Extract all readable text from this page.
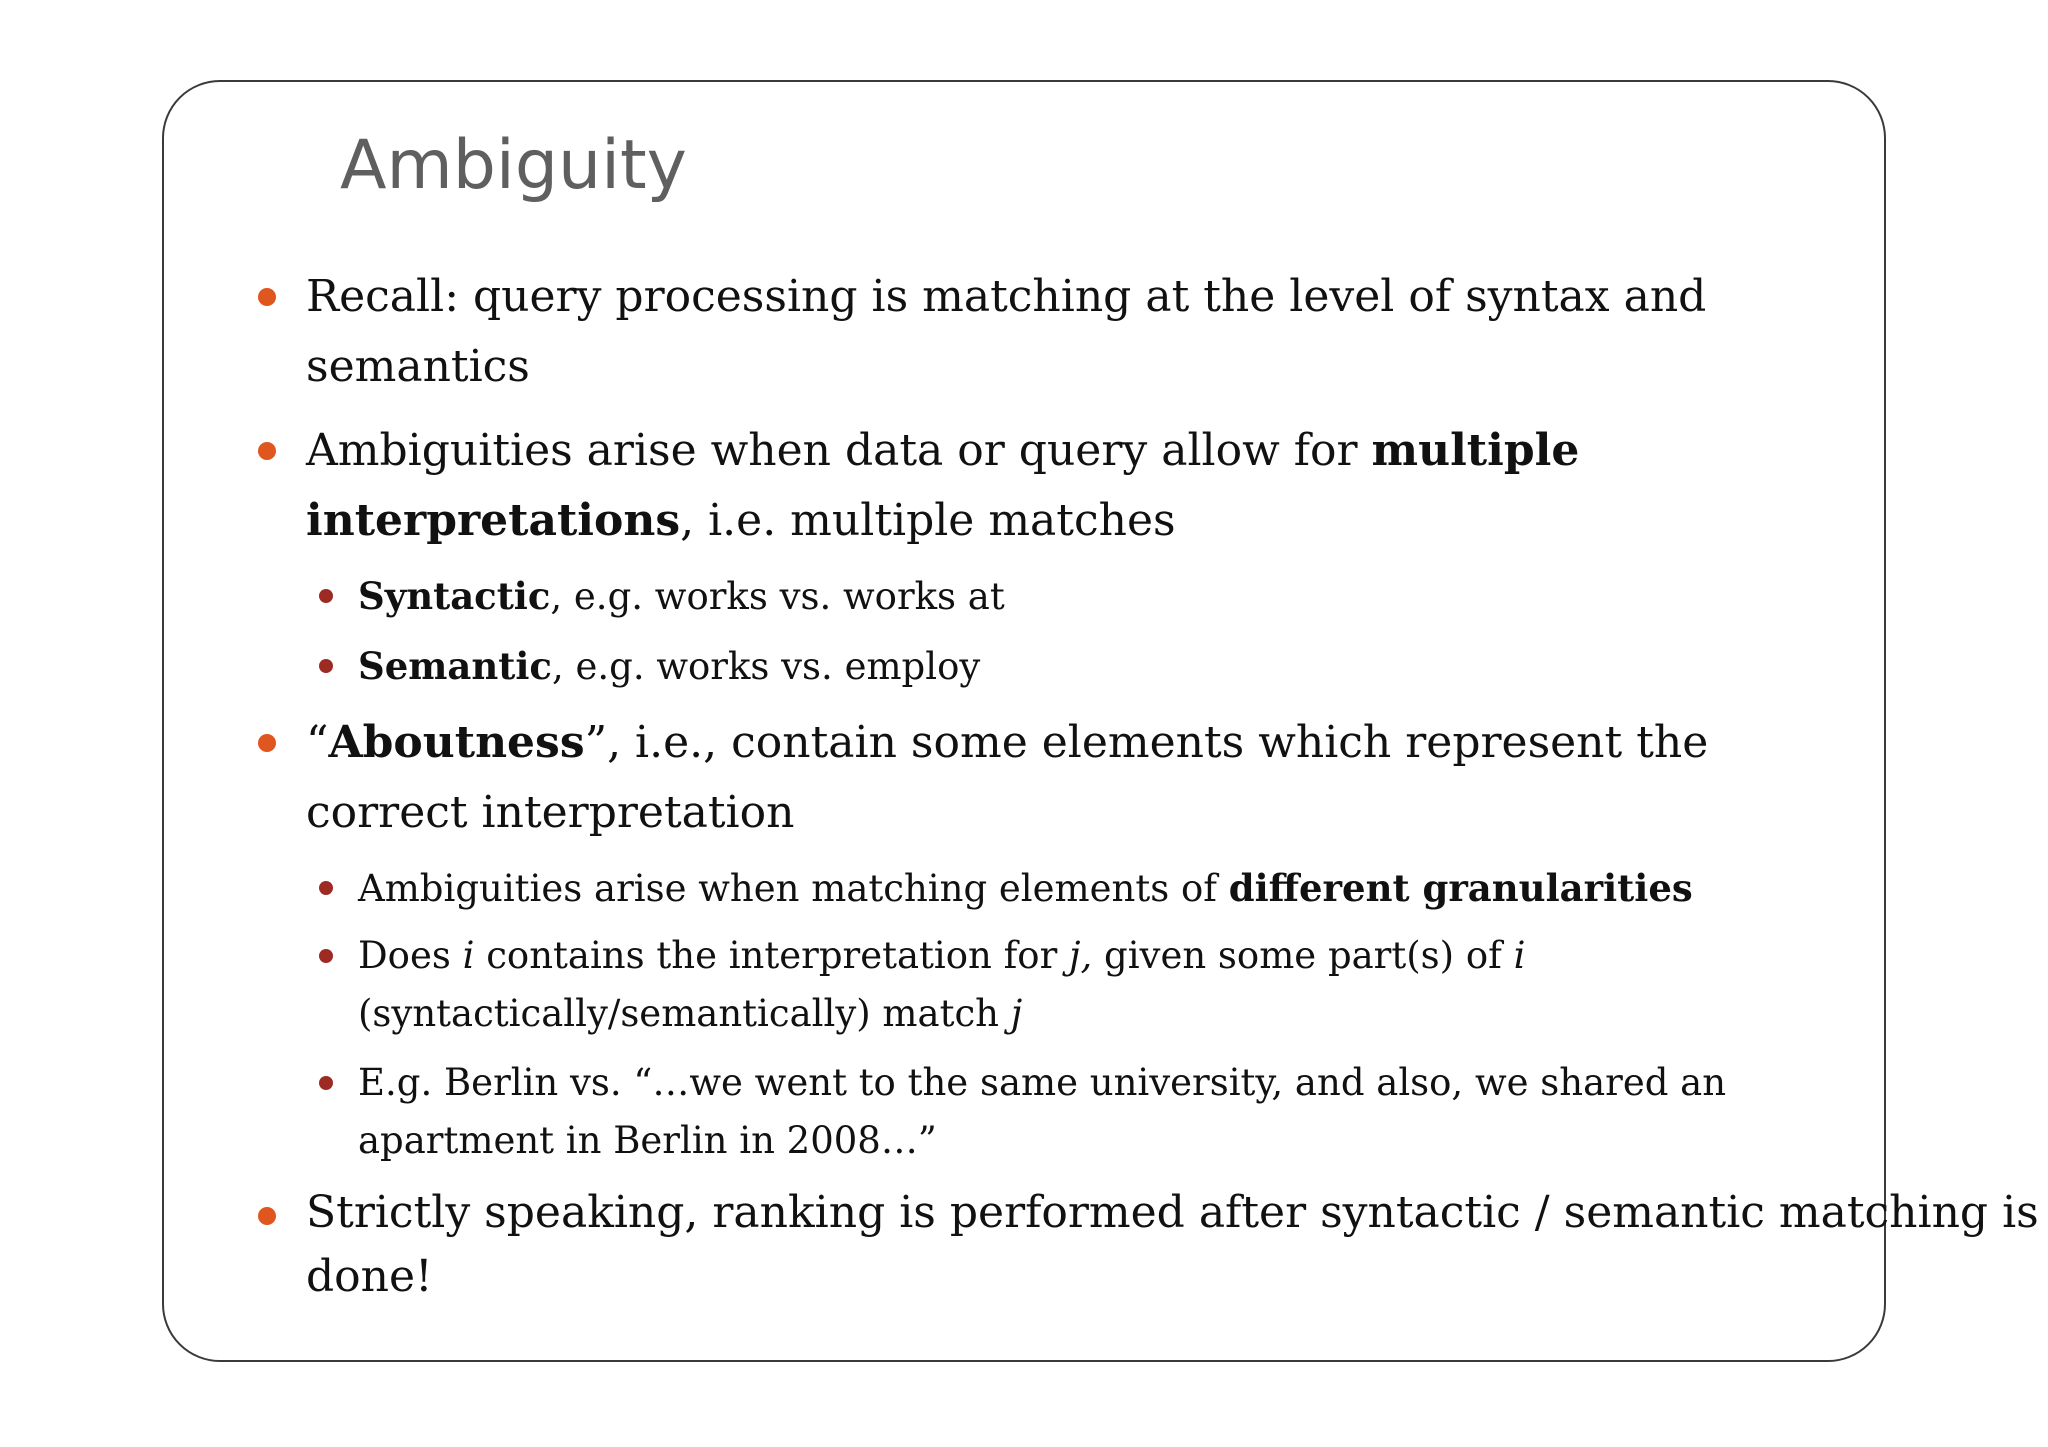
Ambiguity

Recall: query processing is matching at the level of syntax and
semantics

Ambiguities arise when data or query allow for multiple
interpretations, i.e. multiple matches

Syntactic, e.g. works vs. works at

Semantic, e.g. works vs. employ

“Aboutness”, i.e., contain some elements which represent the
correct interpretation

Ambiguities arise when matching elements of different granularities

Does i contains the interpretation for j, given some part(s) of i
(syntactically/semantically) match j

E.g. Berlin vs. “…we went to the same university, and also, we shared an
apartment in Berlin in 2008…”

Strictly speaking, ranking is performed after syntactic / semantic matching is
done!
